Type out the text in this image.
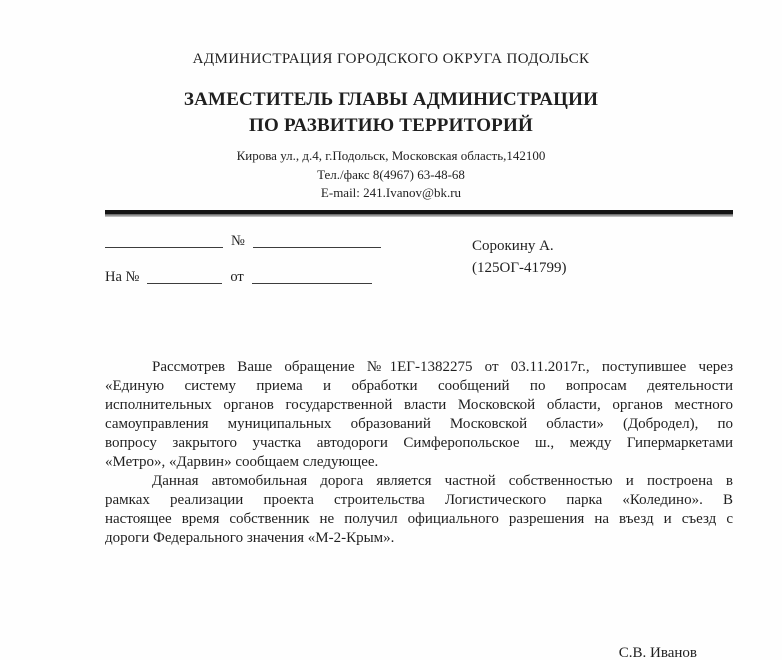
АДМИНИСТРАЦИЯ ГОРОДСКОГО ОКРУГА ПОДОЛЬСК
ЗАМЕСТИТЕЛЬ ГЛАВЫ АДМИНИСТРАЦИИ
ПО РАЗВИТИЮ ТЕРРИТОРИЙ
Кирова ул., д.4, г.Подольск, Московская область,142100
Тел./факс 8(4967) 63-48-68
E-mail: 241.Ivanov@bk.ru
№
На №	от
Сорокину А.
(125ОГ-41799)
Рассмотрев Ваше обращение №1ЕГ-1382275 от 03.11.2017г., поступившее через
«Единую систему приема и обработки сообщений по вопросам деятельности
исполнительных органов государственной власти Московской области, органов местного
самоуправления муниципальных образований Московской области» (Добродел), по
вопросу закрытого участка автодороги Симферопольское ш., между Гипермаркетами
«Метро», «Дарвин» сообщаем следующее.
Данная автомобильная дорога является частной собственностью и построена в
рамках реализации проекта строительства Логистического парка «Коледино». В
настоящее время собственник не получил официального разрешения на въезд и съезд с
дороги Федерального значения «М-2-Крым».
С.В. Иванов
